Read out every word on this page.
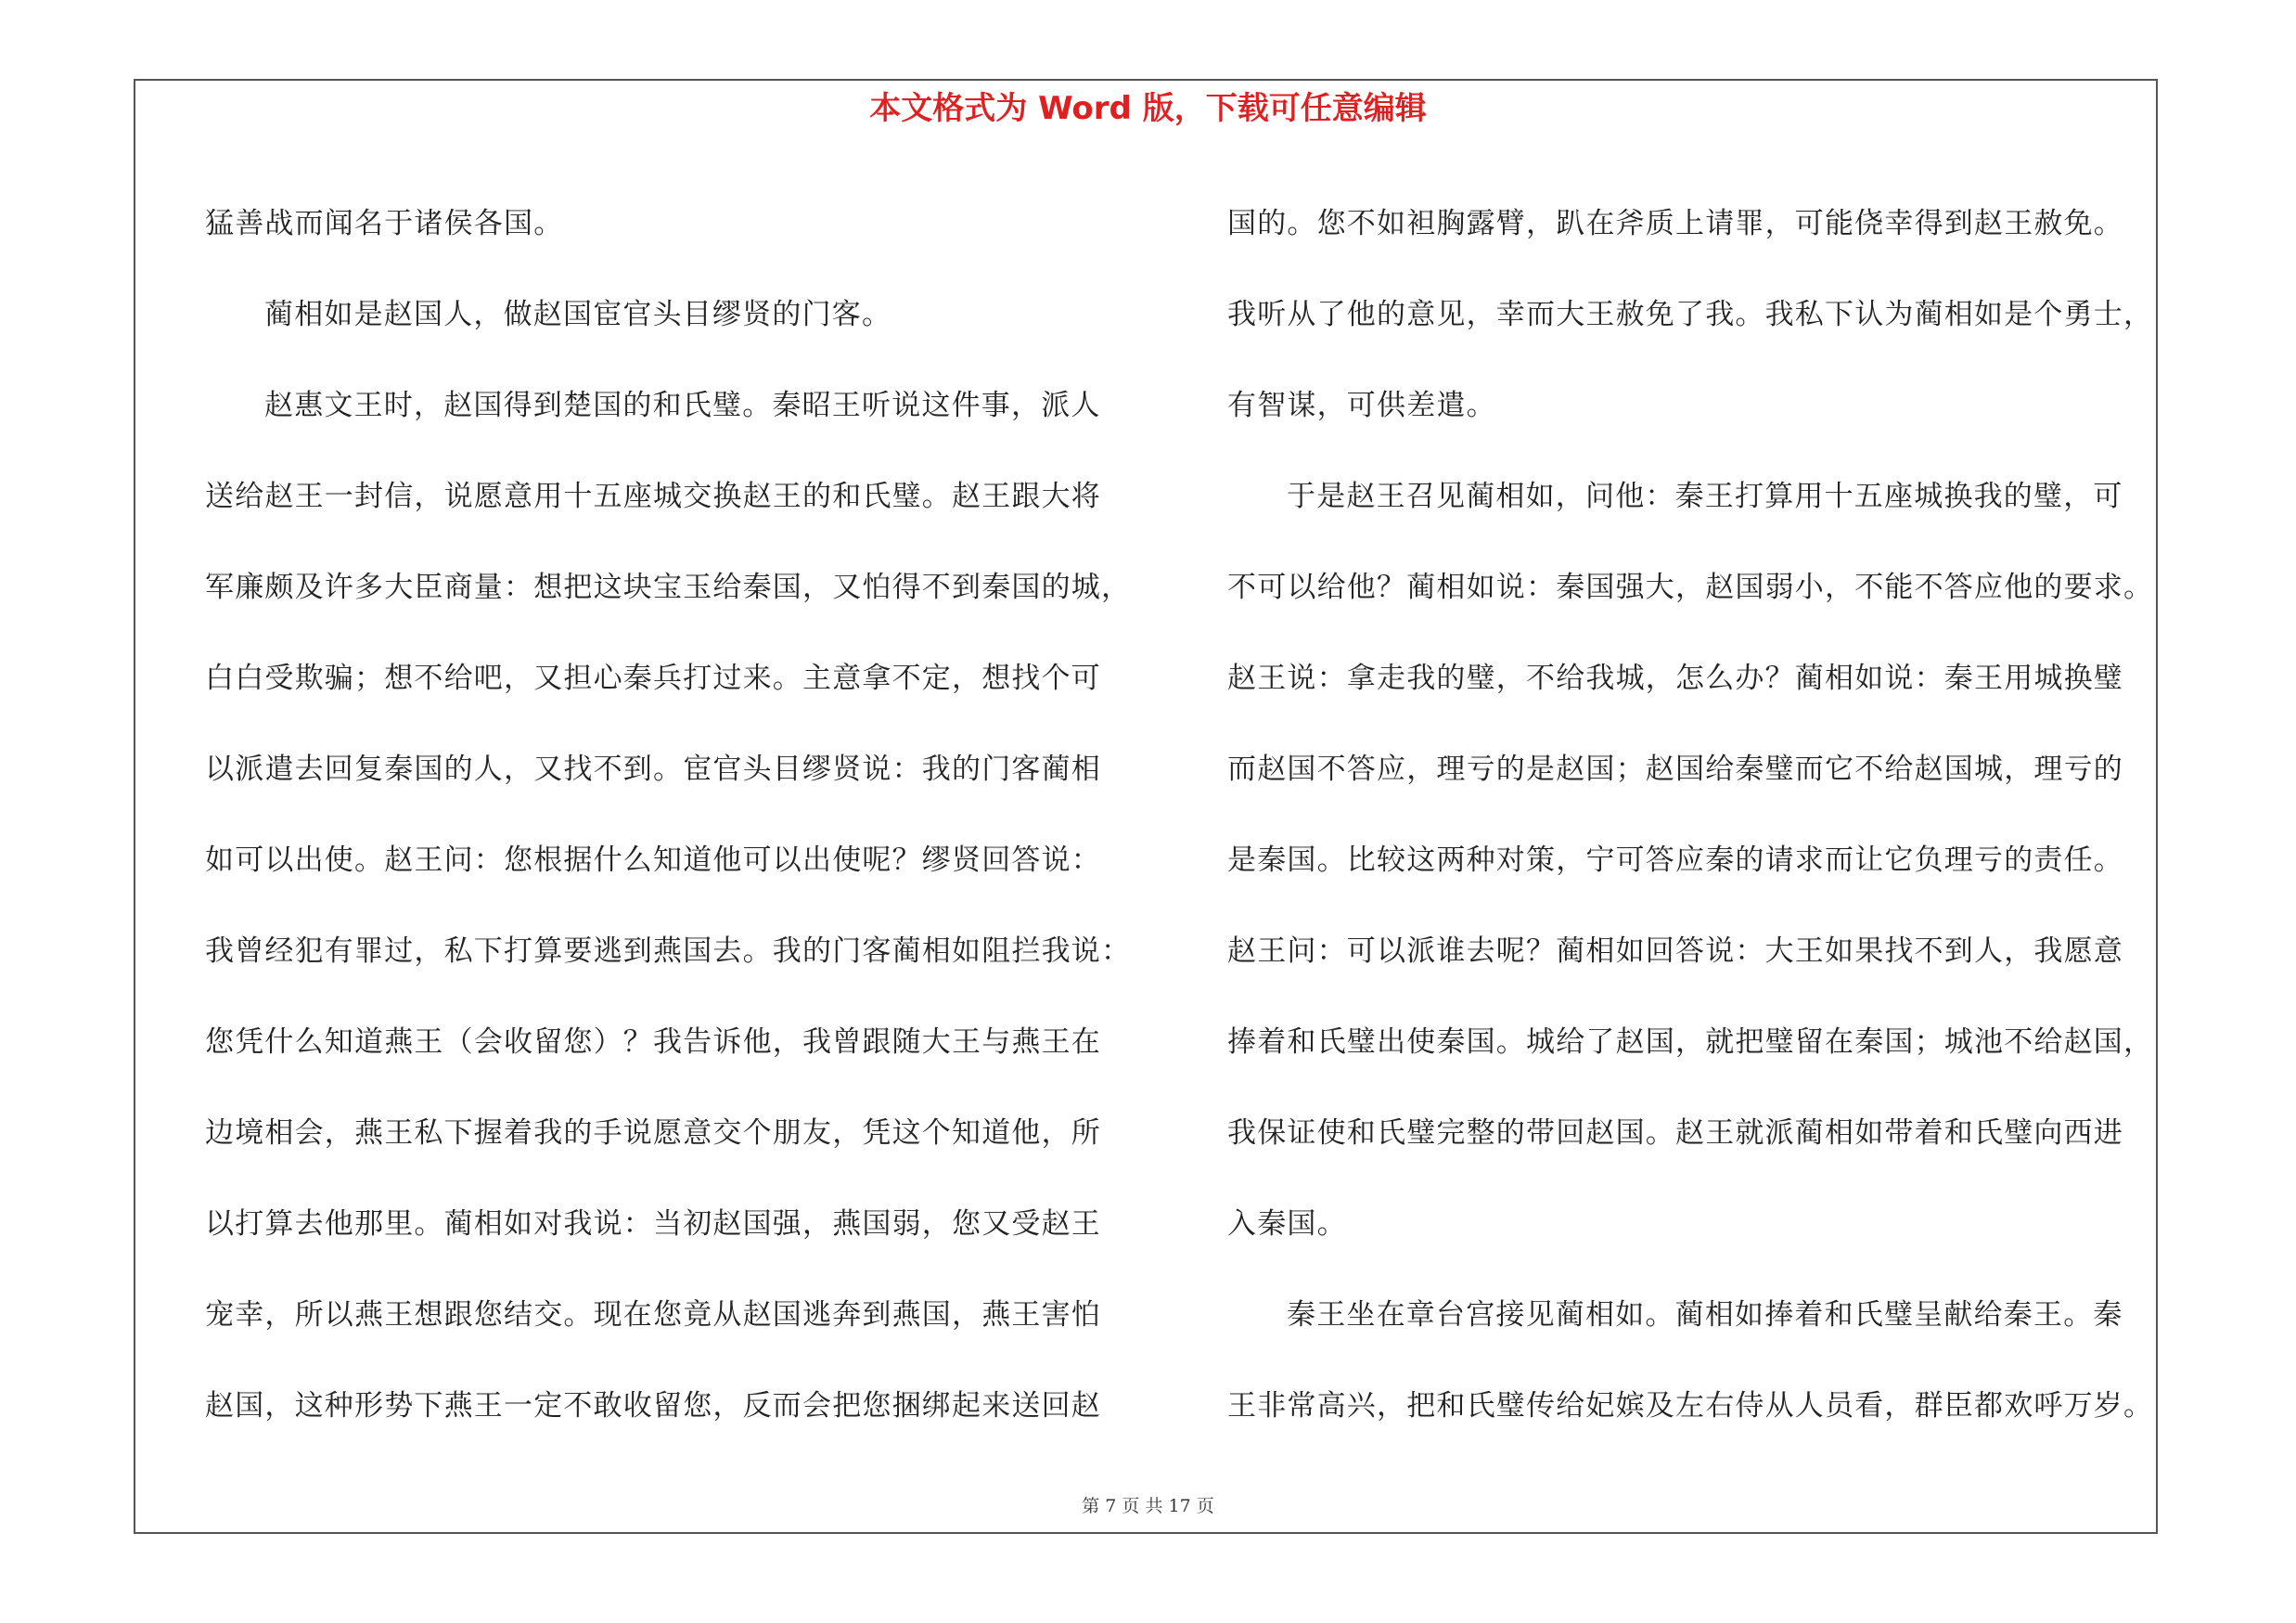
本文格式为 Word 版，下载可任意编辑
猛善战而闻名于诸侯各国。
蔺相如是赵国人，做赵国宦官头目缪贤的门客。
赵惠文王时，赵国得到楚国的和氏璧。秦昭王听说这件事，派人
送给赵王一封信，说愿意用十五座城交换赵王的和氏璧。赵王跟大将
军廉颇及许多大臣商量：想把这块宝玉给秦国，又怕得不到秦国的城，
白白受欺骗；想不给吧，又担心秦兵打过来。主意拿不定，想找个可
以派遣去回复秦国的人，又找不到。宦官头目缪贤说：我的门客蔺相
如可以出使。赵王问：您根据什么知道他可以出使呢？缪贤回答说：
我曾经犯有罪过，私下打算要逃到燕国去。我的门客蔺相如阻拦我说：
您凭什么知道燕王（会收留您）？我告诉他，我曾跟随大王与燕王在
边境相会，燕王私下握着我的手说愿意交个朋友，凭这个知道他，所
以打算去他那里。蔺相如对我说：当初赵国强，燕国弱，您又受赵王
宠幸，所以燕王想跟您结交。现在您竟从赵国逃奔到燕国，燕王害怕
赵国，这种形势下燕王一定不敢收留您，反而会把您捆绑起来送回赵
国的。您不如袒胸露臂，趴在斧质上请罪，可能侥幸得到赵王赦免。
我听从了他的意见，幸而大王赦免了我。我私下认为蔺相如是个勇士，
有智谋，可供差遣。
于是赵王召见蔺相如，问他：秦王打算用十五座城换我的璧，可
不可以给他？蔺相如说：秦国强大，赵国弱小，不能不答应他的要求。
赵王说：拿走我的璧，不给我城，怎么办？蔺相如说：秦王用城换璧
而赵国不答应，理亏的是赵国；赵国给秦璧而它不给赵国城，理亏的
是秦国。比较这两种对策，宁可答应秦的请求而让它负理亏的责任。
赵王问：可以派谁去呢？蔺相如回答说：大王如果找不到人，我愿意
捧着和氏璧出使秦国。城给了赵国，就把璧留在秦国；城池不给赵国，
我保证使和氏璧完整的带回赵国。赵王就派蔺相如带着和氏璧向西进
入秦国。
秦王坐在章台宫接见蔺相如。蔺相如捧着和氏璧呈献给秦王。秦
王非常高兴，把和氏璧传给妃嫔及左右侍从人员看，群臣都欢呼万岁。
第 7 页 共 17 页
